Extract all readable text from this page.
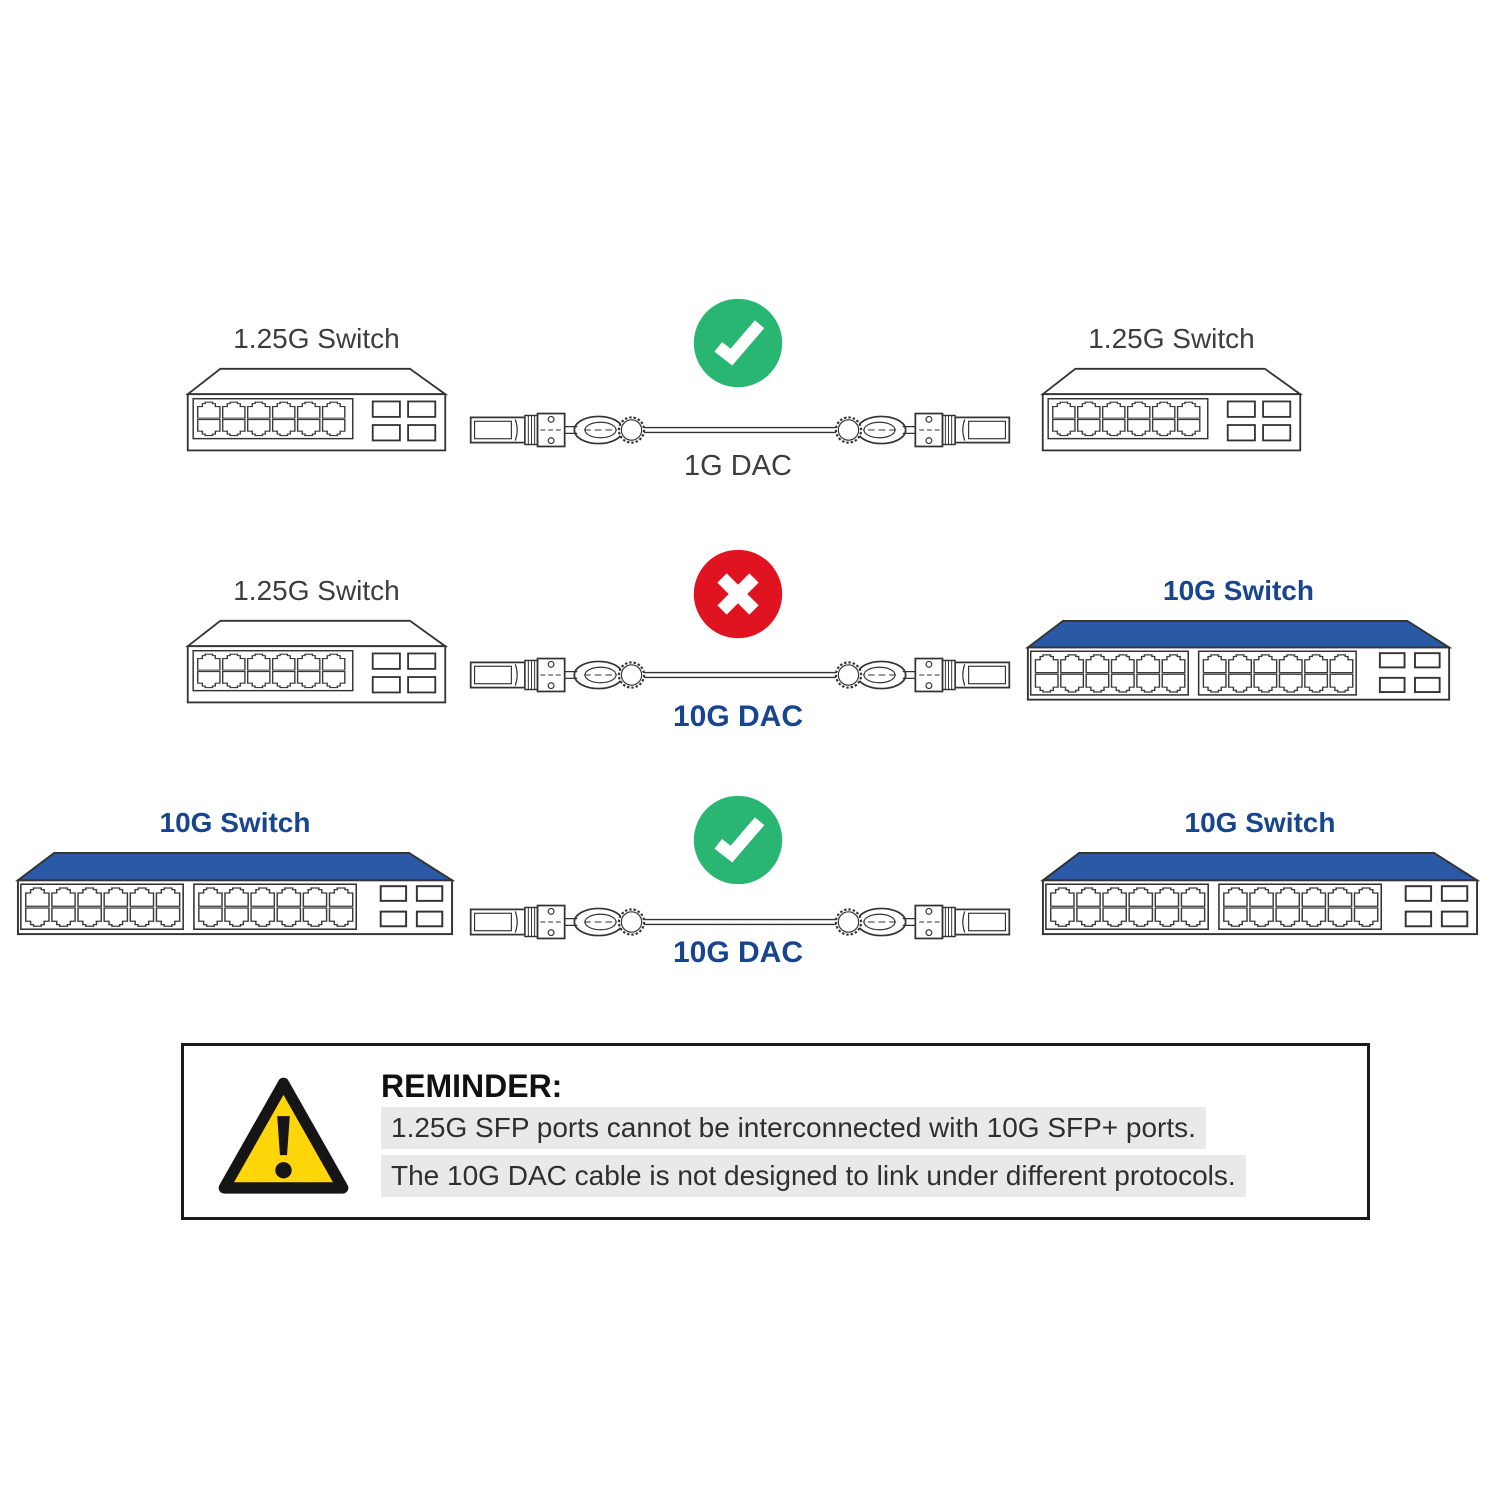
1.25G Switch
1G DAC
1.25G Switch
1.25G Switch
10G DAC
10G Switch
10G Switch
10G DAC
10G Switch
REMINDER:
1.25G SFP ports cannot be interconnected with 10G SFP+ ports.
The 10G DAC cable is not designed to link under different protocols.
